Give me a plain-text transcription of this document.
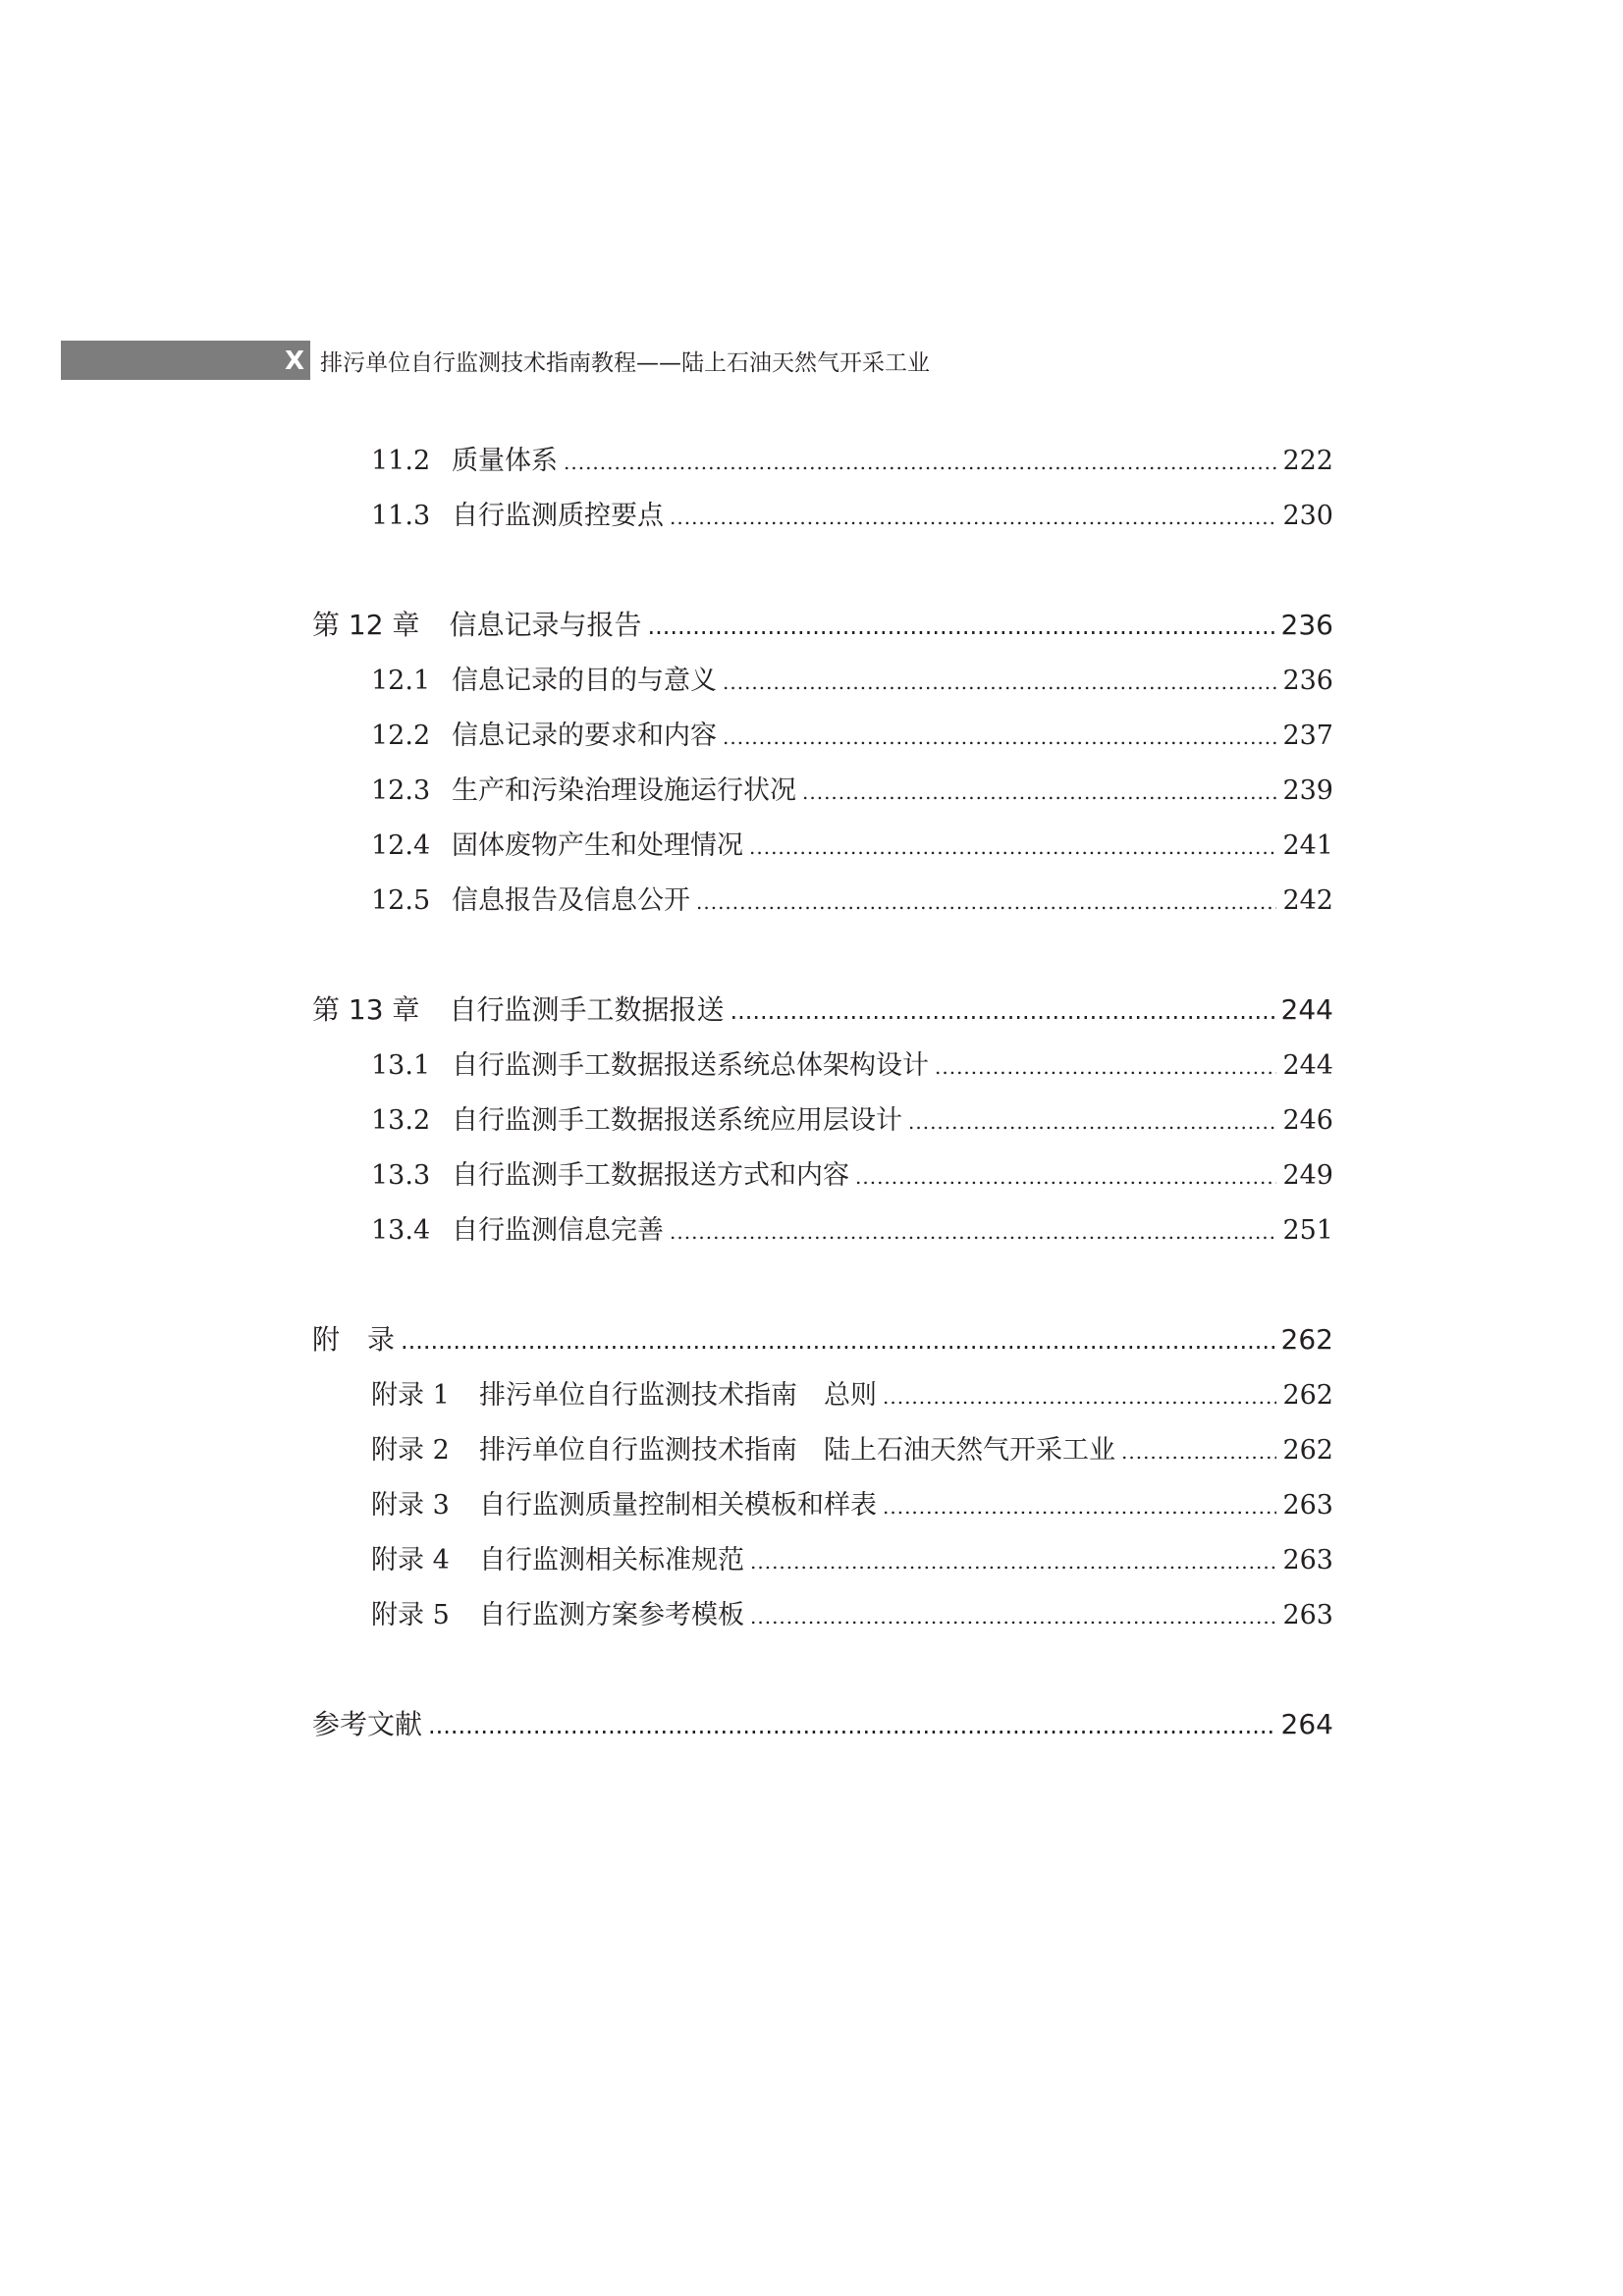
X 排污单位自行监测技术指南教程——陆上石油天然气开采工业
11.2 质量体系 .....	222
11.3 自行监测质控要点 .....	230
第 12 章 信息记录与报告 .....	236
12.1 信息记录的目的与意义 .....	236
12.2 信息记录的要求和内容 .....	237
12.3 生产和污染治理设施运行状况 .....	239
12.4 固体废物产生和处理情况 .....	241
12.5 信息报告及信息公开 .....	242
第 13 章 自行监测手工数据报送 .....	244
13.1 自行监测手工数据报送系统总体架构设计 .....	244
13.2 自行监测手工数据报送系统应用层设计 .....	246
13.3 自行监测手工数据报送方式和内容 .....	249
13.4 自行监测信息完善 .....	251
附　录 .....	262
附录 1	排污单位自行监测技术指南　总则 .....	262
附录 2	排污单位自行监测技术指南　陆上石油天然气开采工业 .....	262
附录 3	自行监测质量控制相关模板和样表 .....	263
附录 4	自行监测相关标准规范 .....	263
附录 5	自行监测方案参考模板 .....	263
参考文献 .....	264
